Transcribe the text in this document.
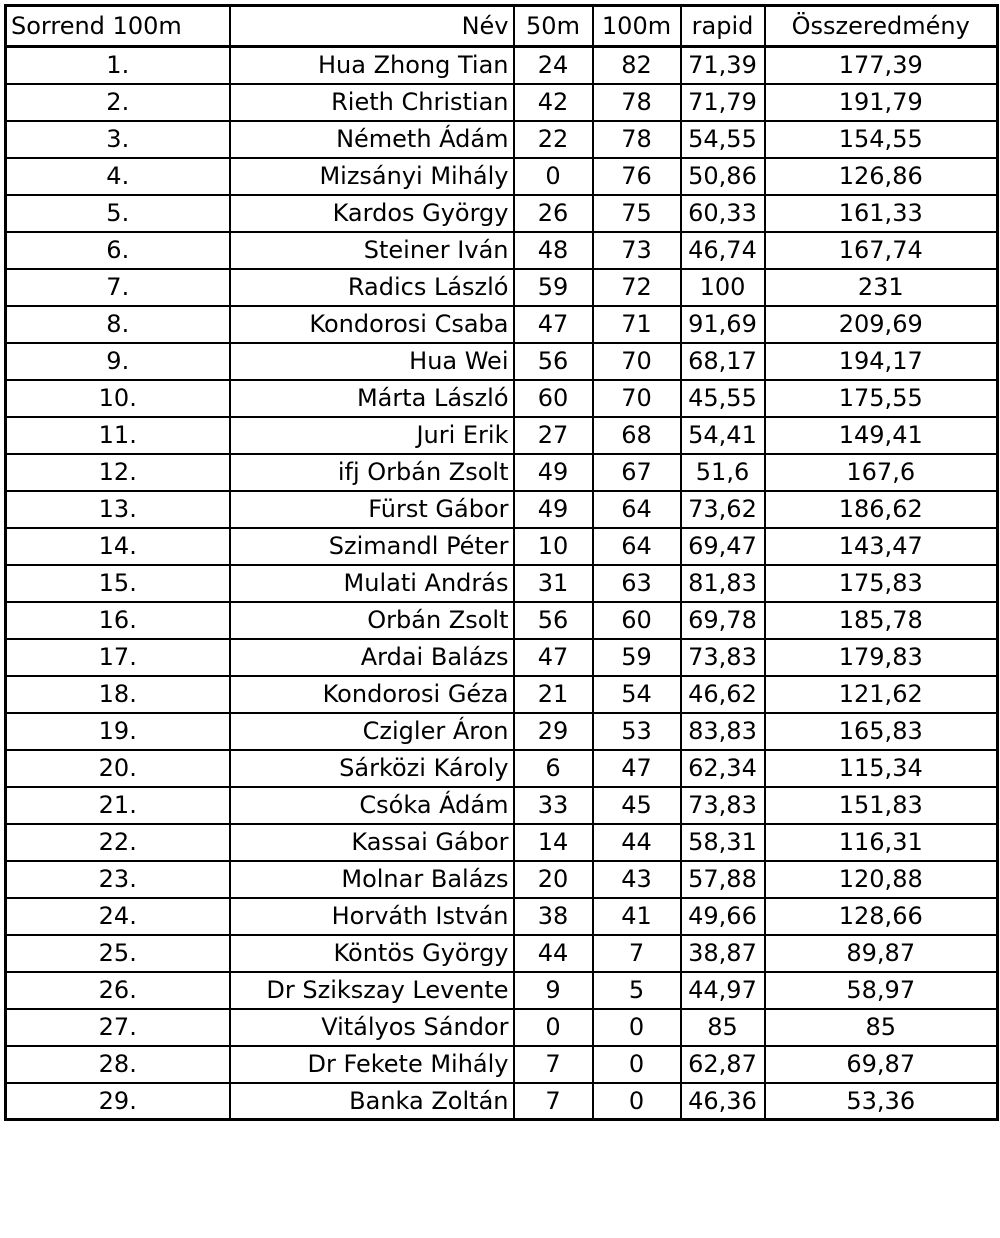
Sorrend 100m	Név	50m	100m	rapid	Összeredmény
1.	Hua Zhong Tian	24	82	71,39	177,39
2.	Rieth Christian	42	78	71,79	191,79
3.	Németh Ádám	22	78	54,55	154,55
4.	Mizsányi Mihály	0	76	50,86	126,86
5.	Kardos György	26	75	60,33	161,33
6.	Steiner Iván	48	73	46,74	167,74
7.	Radics László	59	72	100	231
8.	Kondorosi Csaba	47	71	91,69	209,69
9.	Hua Wei	56	70	68,17	194,17
10.	Márta László	60	70	45,55	175,55
11.	Juri Erik	27	68	54,41	149,41
12.	ifj Orbán Zsolt	49	67	51,6	167,6
13.	Fürst Gábor	49	64	73,62	186,62
14.	Szimandl Péter	10	64	69,47	143,47
15.	Mulati András	31	63	81,83	175,83
16.	Orbán Zsolt	56	60	69,78	185,78
17.	Ardai Balázs	47	59	73,83	179,83
18.	Kondorosi Géza	21	54	46,62	121,62
19.	Czigler Áron	29	53	83,83	165,83
20.	Sárközi Károly	6	47	62,34	115,34
21.	Csóka Ádám	33	45	73,83	151,83
22.	Kassai Gábor	14	44	58,31	116,31
23.	Molnar Balázs	20	43	57,88	120,88
24.	Horváth István	38	41	49,66	128,66
25.	Köntös György	44	7	38,87	89,87
26.	Dr Szikszay Levente	9	5	44,97	58,97
27.	Vitályos Sándor	0	0	85	85
28.	Dr Fekete Mihály	7	0	62,87	69,87
29.	Banka Zoltán	7	0	46,36	53,36
